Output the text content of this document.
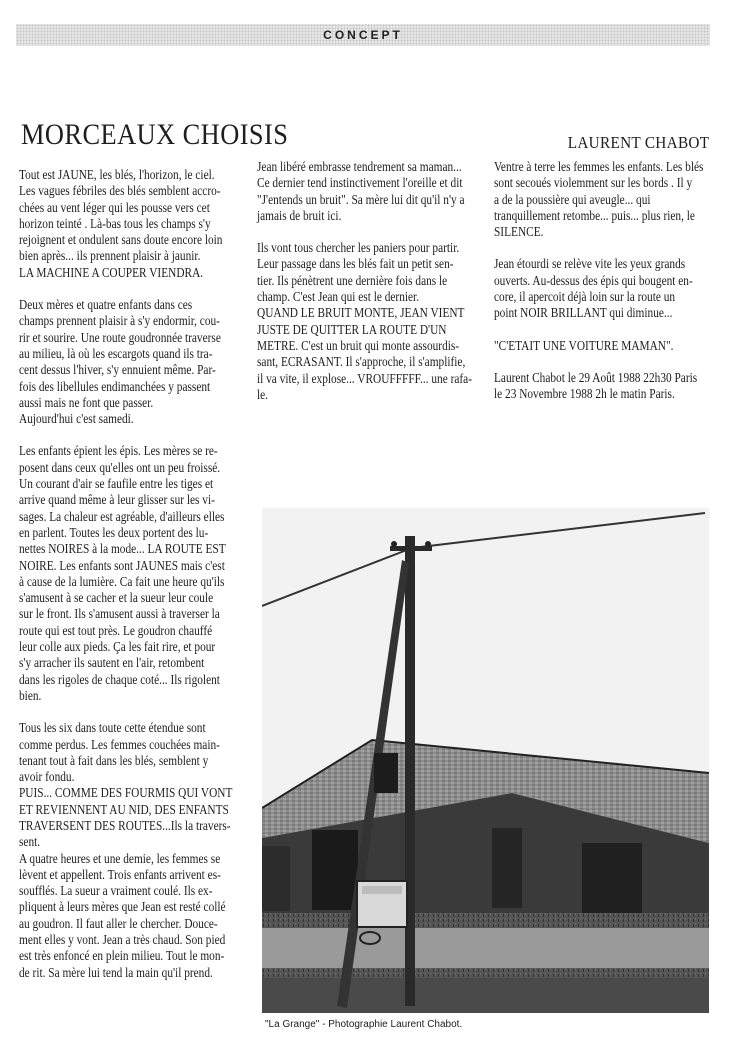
CONCEPT
MORCEAUX CHOISIS	LAURENT CHABOT

Tout est JAUNE, les blés, l'horizon, le ciel.

Les vagues fébriles des blés semblent accro-

chées au vent léger qui les pousse vers cet

horizon teinté . Là-bas tous les champs s'y

rejoignent et ondulent sans doute encore loin

bien après... ils prennent plaisir à jaunir.

LA MACHINE A COUPER VIENDRA.

Deux mères et quatre enfants dans ces

champs prennent plaisir à s'y endormir, cou-

rir et sourire. Une route goudronnée traverse

au milieu, là où les escargots quand ils tra-

cent dessus l'hiver, s'y ennuient même. Par-

fois des libellules endimanchées y passent

aussi mais ne font que passer.

Aujourd'hui c'est samedi.

Les enfants épient les épis. Les mères se re-

posent dans ceux qu'elles ont un peu froissé.

Un courant d'air se faufile entre les tiges et

arrive quand même à leur glisser sur les vi-

sages. La chaleur est agréable, d'ailleurs elles

en parlent. Toutes les deux portent des lu-

nettes NOIRES à la mode... LA ROUTE EST

NOIRE. Les enfants sont JAUNES mais c'est

à cause de la lumière. Ca fait une heure qu'ils

s'amusent à se cacher et la sueur leur coule

sur le front. Ils s'amusent aussi à traverser la

route qui est tout près. Le goudron chauffé

leur colle aux pieds. Ça les fait rire, et pour

s'y arracher ils sautent en l'air, retombent

dans les rigoles de chaque coté... Ils rigolent

bien.

Tous les six dans toute cette étendue sont

comme perdus. Les femmes couchées main-

tenant tout à fait dans les blés, semblent y

avoir fondu.

PUIS... COMME DES FOURMIS QUI VONT

ET REVIENNENT AU NID, DES ENFANTS

TRAVERSENT DES ROUTES...Ils la travers-

sent.

A quatre heures et une demie, les femmes se

lèvent et appellent. Trois enfants arrivent es-

soufflés. La sueur a vraiment coulé. Ils ex-

pliquent à leurs mères que Jean est resté collé

au goudron. Il faut aller le chercher. Douce-

ment elles y vont. Jean a très chaud. Son pied

est très enfoncé en plein milieu. Tout le mon-

de rit. Sa mère lui tend la main qu'il prend.

Jean libéré embrasse tendrement sa maman...

Ce dernier tend instinctivement l'oreille et dit

"J'entends un bruit". Sa mère lui dit qu'il n'y a

jamais de bruit ici.

Ils vont tous chercher les paniers pour partir.

Leur passage dans les blés fait un petit sen-

tier. Ils pénètrent une dernière fois dans le

champ. C'est Jean qui est le dernier.

QUAND LE BRUIT MONTE, JEAN VIENT

JUSTE DE QUITTER LA ROUTE D'UN

METRE. C'est un bruit qui monte assourdis-

sant, ECRASANT. Il s'approche, il s'amplifie,

il va vite, il explose... VROUFFFFF... une rafa-

le.

Ventre à terre les femmes les enfants. Les blés

sont secoués violemment sur les bords . Il y

a de la poussière qui aveugle... qui

tranquillement retombe... puis... plus rien, le

SILENCE.

Jean étourdi se relève vite les yeux grands

ouverts. Au-dessus des épis qui bougent en-

core, il apercoit déjà loin sur la route un

point NOIR BRILLANT qui diminue...

"C'ETAIT UNE VOITURE MAMAN".

Laurent Chabot le 29 Août 1988 22h30 Paris

le 23 Novembre 1988 2h le matin Paris.

"La Grange" - Photographie Laurent Chabot.
